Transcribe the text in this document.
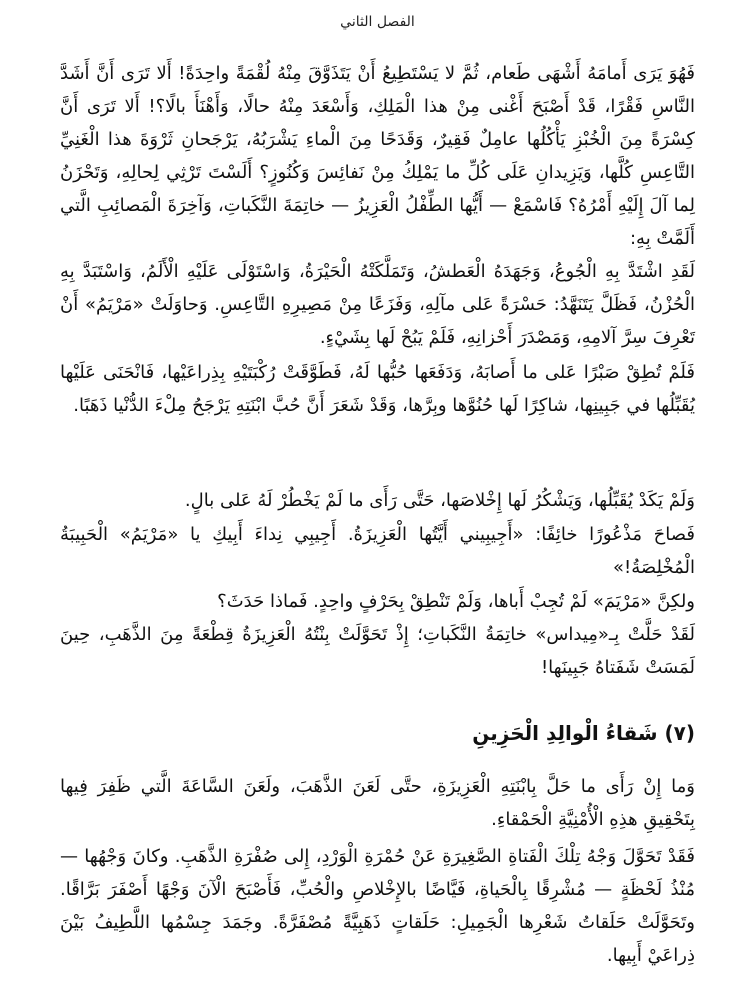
الفصل الثاني

فَهُوَ يَرَى أَمامَهُ أَشْهَى طَعام، ثُمَّ لا يَسْتَطِيعُ أَنْ يَتَذَوَّقَ مِنْهُ لُقْمَةً واحِدَةً! أَلا تَرَى أَنَّ أَشَدَّ النَّاسِ فَقْرًا، قَدْ أَصْبَحَ أَغْنى مِنْ هذا الْمَلِكِ، وَأَسْعَدَ مِنْهُ حالًا، وَأَهْنَأَ بالًا؟! أَلا تَرَى أَنَّ كِسْرَةً مِنَ الْخُبْزِ يَأْكُلُها عامِلٌ فَقِيرٌ، وَقَدَحًا مِنَ الْماءِ يَشْرَبُهُ، يَرْجَحانِ ثَرْوَةَ هذا الْغَنِيِّ التَّاعِسِ كُلَّها، وَيَزِيدانِ عَلَى كُلِّ ما يَمْلِكُ مِنْ نَفائِسَ وَكُنُوزٍ؟ أَلَسْتَ تَرْثِي لِحالِهِ، وَتَحْزَنُ لِما آلَ إِلَيْهِ أَمْرُهُ؟ فَاسْمَعْ — أَيُّها الطِّفْلُ الْعَزِيزُ — خاتِمَةَ النَّكَباتِ، وَآخِرَةَ الْمَصائِبِ الَّتي أَلَمَّتْ بِهِ:

لَقَدِ اشْتَدَّ بِهِ الْجُوعُ، وَجَهَدَهُ الْعَطشُ، وَتَمَلَّكَتْهُ الْحَيْرَةُ، وَاسْتَوْلَى عَلَيْهِ الْأَلَمُ، وَاسْتَبَدَّ بِهِ الْحُزْنُ، فَظَلَّ يَتَنَهَّدُ: حَسْرَةً عَلى مآلِهِ، وَفَزَعًا مِنْ مَصِيرِهِ التَّاعِسِ. وَحاوَلَتْ «مَرْيَمُ» أَنْ تَعْرِفَ سِرَّ آلامِهِ، وَمَصْدَرَ أَحْزانِهِ، فَلَمْ يَبُحْ لَها بِشَيْءٍ.

فَلَمْ تُطِقْ صَبْرًا عَلى ما أَصابَهُ، وَدَفَعَها حُبُّها لَهُ، فَطَوَّقَتْ رُكْبَتَيْهِ بِذِراعَيْها، فَانْحَنَى عَلَيْها يُقَبِّلُها في جَبِينِها، شاكِرًا لَها حُنُوَّها وبِرَّها، وَقَدْ شَعَرَ أَنَّ حُبَّ ابْنَتِهِ يَرْجَحُ مِلْءَ الدُّنْيا ذَهَبًا.

وَلَمْ يَكَدْ يُقَبِّلُها، وَيَشْكُرُ لَها إِخْلاصَها، حَتَّى رَأَى ما لَمْ يَخْطُرْ لَهُ عَلى بالٍ.

فَصاحَ مَذْعُورًا خائِفًا: «أَجِيبِيني أَيَّتُها الْعَزِيزَةُ. أَجِيبِي نِداءَ أَبِيكِ يا «مَرْيَمُ» الْحَبِيبَةُ الْمُخْلِصَةُ!»

ولكِنَّ «مَرْيَمَ» لَمْ تُجِبْ أَباها، وَلَمْ تَنْطِقْ بِحَرْفٍ واحِدٍ. فَماذا حَدَثَ؟

لَقَدْ حَلَّتْ بِـ«مِيداس» خاتِمَةُ النَّكَباتِ؛ إِذْ تَحَوَّلَتْ بِنْتُهُ الْعَزِيزَةُ قِطْعَةً مِنَ الذَّهَبِ، حِينَ لَمَسَتْ شَفَتاهُ جَبِينَها!

(٧) شَقاءُ الْوالِدِ الْحَزِينِ

وَما إِنْ رَأَى ما حَلَّ بِابْنَتِهِ الْعَزِيزَةِ، حتَّى لَعَنَ الذَّهَبَ، ولَعَنَ السَّاعَةَ الَّتي ظَفِرَ فِيها بِتَحْقِيقِ هذِهِ الْأُمْنِيَّةِ الْحَمْقاءِ.

فَقَدْ تَحَوَّلَ وَجْهُ تِلْكَ الْفَتاةِ الصَّغِيرَةِ عَنْ حُمْرَةِ الْوَرْدِ، إِلى صُفْرَةِ الذَّهَبِ. وكانَ وَجْهُها — مُنْذُ لَحْظَةٍ — مُشْرِقًا بِالْحَياةِ، فَيَّاضًا بالإِخْلاصِ والْحُبِّ، فَأَصْبَحَ الْآنَ وَجْهًا أَصْفَرَ بَرَّاقًا. وتَحَوَّلَتْ حَلَقاتُ شَعْرِها الْجَمِيلِ: حَلَقاتٍ ذَهَبِيَّةً مُصْفَرَّةً. وجَمَدَ جِسْمُها اللَّطِيفُ بَيْنَ ذِراعَيْ أَبِيها.
